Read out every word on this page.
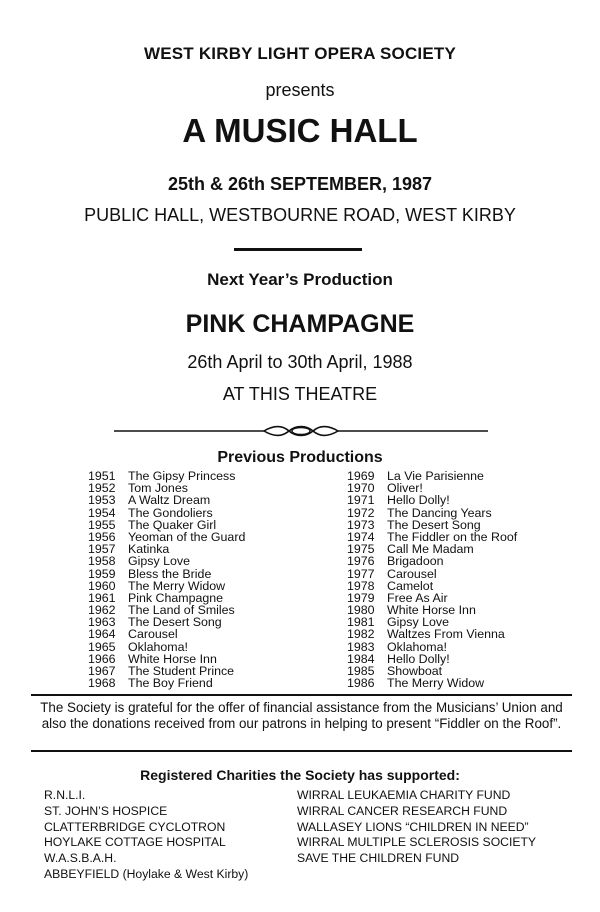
WEST KIRBY LIGHT OPERA SOCIETY
presents
A MUSIC HALL
25th & 26th SEPTEMBER, 1987
PUBLIC HALL, WESTBOURNE ROAD, WEST KIRBY
Next Year’s Production
PINK CHAMPAGNE
26th April to 30th April, 1988
AT THIS THEATRE
Previous Productions
1951	The Gipsy Princess
1952	Tom Jones
1953	A Waltz Dream
1954	The Gondoliers
1955	The Quaker Girl
1956	Yeoman of the Guard
1957	Katinka
1958	Gipsy Love
1959	Bless the Bride
1960	The Merry Widow
1961	Pink Champagne
1962	The Land of Smiles
1963	The Desert Song
1964	Carousel
1965	Oklahoma!
1966	White Horse Inn
1967	The Student Prince
1968	The Boy Friend
1969	La Vie Parisienne
1970	Oliver!
1971	Hello Dolly!
1972	The Dancing Years
1973	The Desert Song
1974	The Fiddler on the Roof
1975	Call Me Madam
1976	Brigadoon
1977	Carousel
1978	Camelot
1979	Free As Air
1980	White Horse Inn
1981	Gipsy Love
1982	Waltzes From Vienna
1983	Oklahoma!
1984	Hello Dolly!
1985	Showboat
1986	The Merry Widow
The Society is grateful for the offer of financial assistance from the Musicians’ Union and also the donations received from our patrons in helping to present “Fiddler on the Roof”.
Registered Charities the Society has supported:
R.N.L.I.
ST. JOHN’S HOSPICE
CLATTERBRIDGE CYCLOTRON
HOYLAKE COTTAGE HOSPITAL
W.A.S.B.A.H.
ABBEYFIELD (Hoylake & West Kirby)
WIRRAL LEUKAEMIA CHARITY FUND
WIRRAL CANCER RESEARCH FUND
WALLASEY LIONS “CHILDREN IN NEED”
WIRRAL MULTIPLE SCLEROSIS SOCIETY
SAVE THE CHILDREN FUND
